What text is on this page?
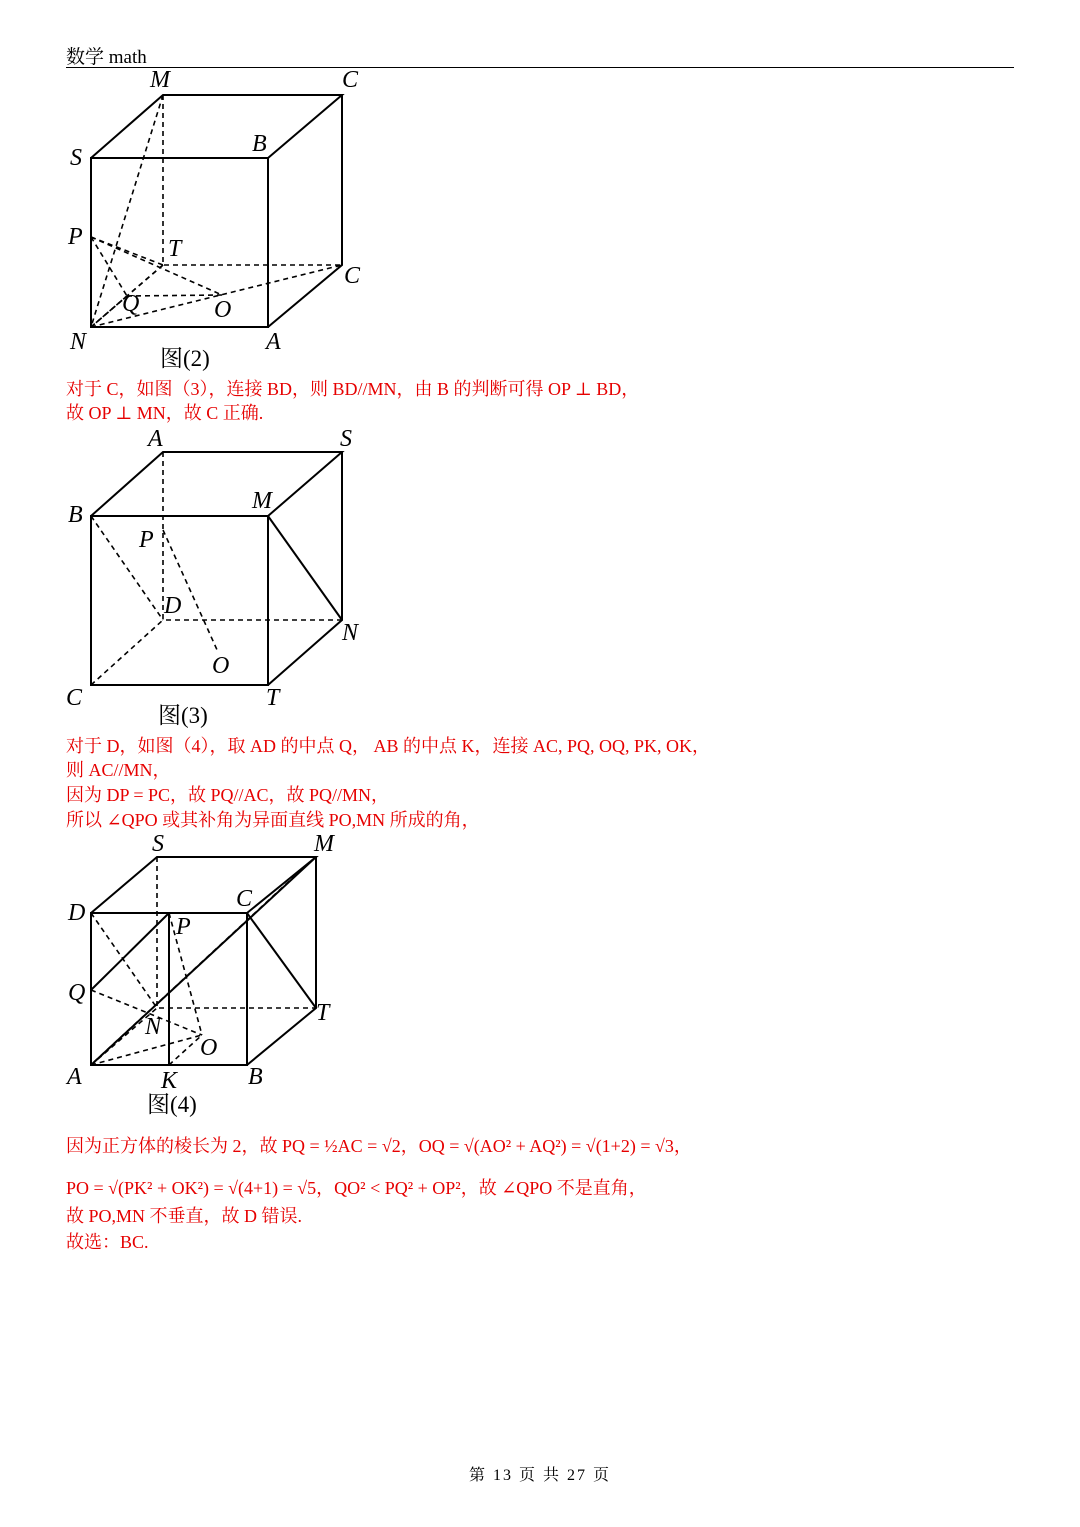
数学 math
M	C
S
B
P	T
C
Q	O
N	A
图(2)
对于 C，如图（3），连接 BD，则 BD//MN，由 B 的判断可得 OP ⊥ BD，
故 OP ⊥ MN，故 C 正确.
A	S
B
M
P
D
N
O
C	T
图(3)
对于 D，如图（4），取 AD 的中点 Q， AB 的中点 K，连接 AC, PQ, OQ, PK, OK，
则 AC//MN，
因为 DP = PC，故 PQ//AC，故 PQ//MN，
所以 ∠QPO 或其补角为异面直线 PO,MN 所成的角，
S	M
D
C
P
Q
T
N
O
A	K	B
图(4)
因为正方体的棱长为 2，故 PQ = ½AC = √2，OQ = √(AO² + AQ²) = √(1+2) = √3，
PO = √(PK² + OK²) = √(4+1) = √5，QO² < PQ² + OP²，故 ∠QPO 不是直角，
故 PO,MN 不垂直，故 D 错误.
故选：BC.
第 13 页 共 27 页
